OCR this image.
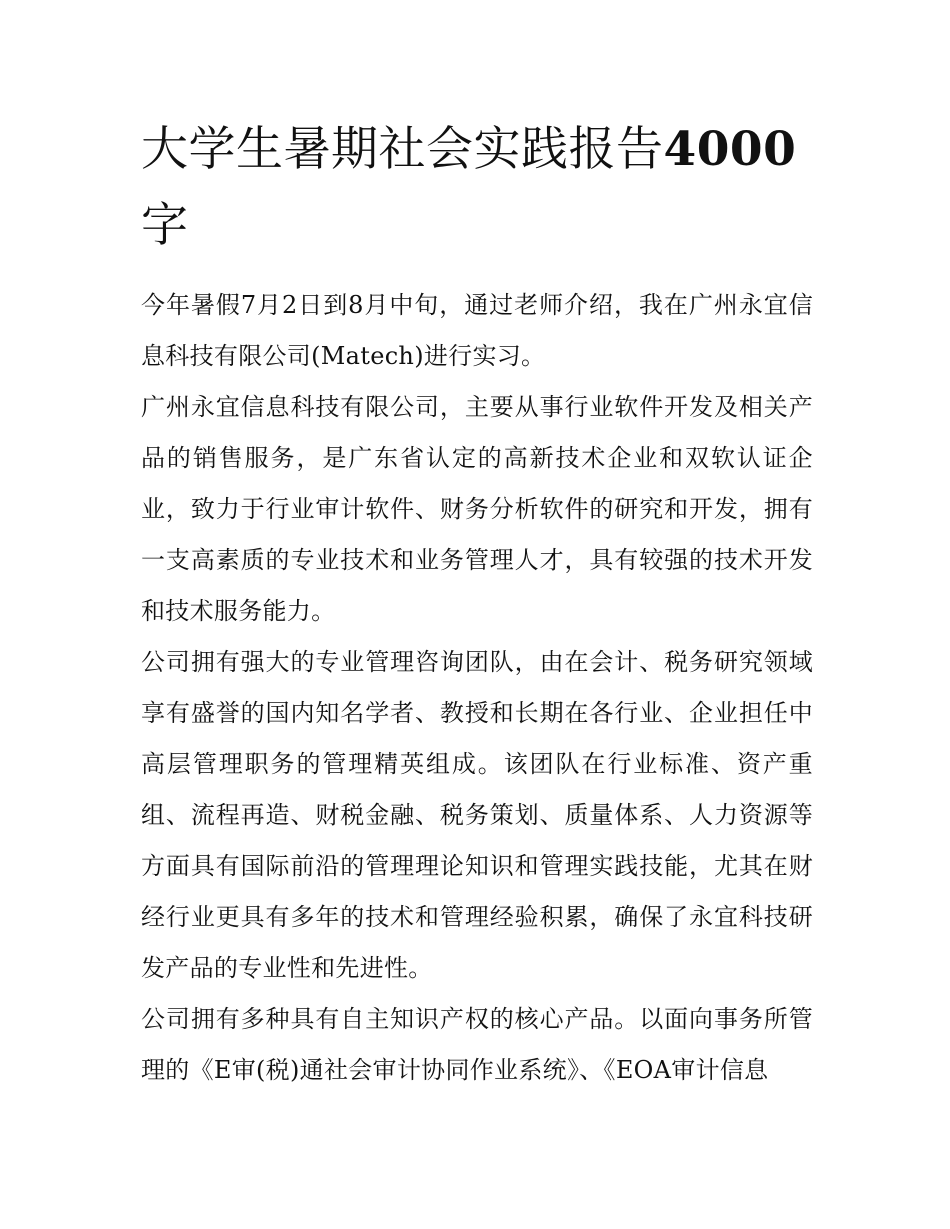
大学生暑期社会实践报告4000字

今年暑假7月2日到8月中旬，通过老师介绍，我在广州永宜信息科技有限公司(Matech)进行实习。

广州永宜信息科技有限公司，主要从事行业软件开发及相关产品的销售服务，是广东省认定的高新技术企业和双软认证企业，致力于行业审计软件、财务分析软件的研究和开发，拥有一支高素质的专业技术和业务管理人才，具有较强的技术开发和技术服务能力。

公司拥有强大的专业管理咨询团队，由在会计、税务研究领域享有盛誉的国内知名学者、教授和长期在各行业、企业担任中高层管理职务的管理精英组成。该团队在行业标准、资产重组、流程再造、财税金融、税务策划、质量体系、人力资源等方面具有国际前沿的管理理论知识和管理实践技能，尤其在财经行业更具有多年的技术和管理经验积累，确保了永宜科技研发产品的专业性和先进性。

公司拥有多种具有自主知识产权的核心产品。以面向事务所管理的《E审(税)通社会审计协同作业系统》、《EOA审计信息
